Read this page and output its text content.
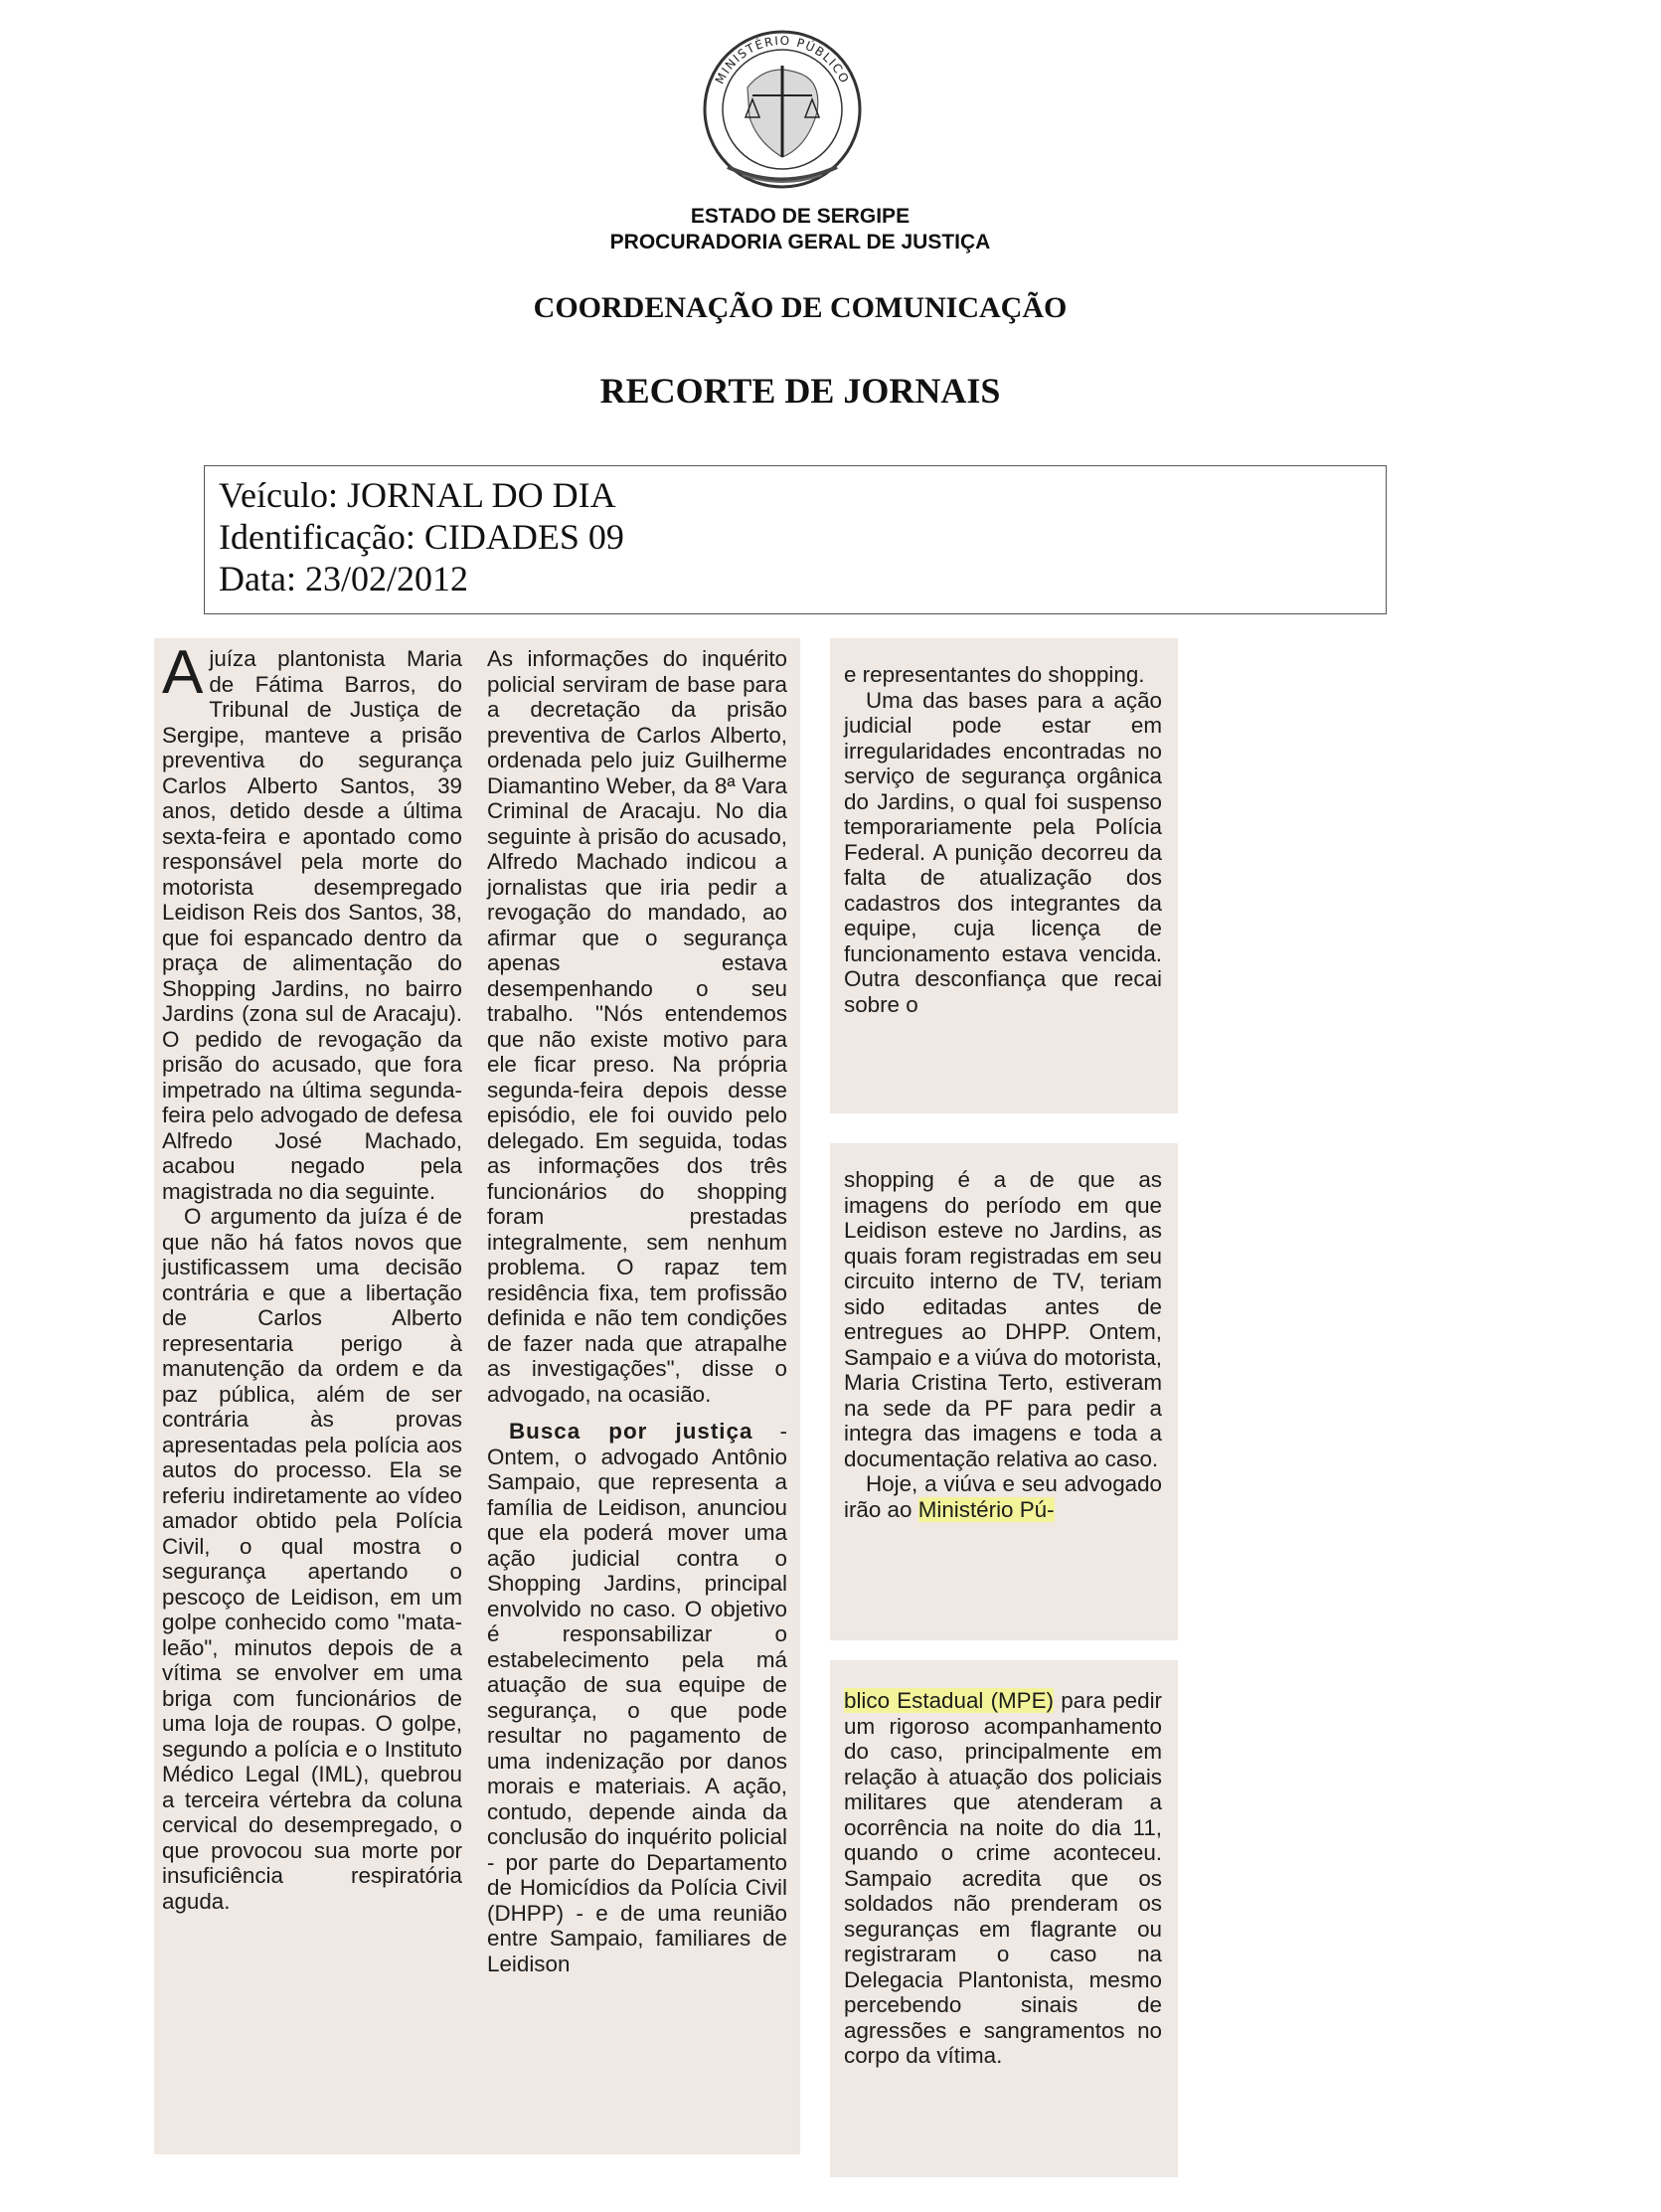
MINISTÉRIO PÚBLICO
ESTADO DE SERGIPE
PROCURADORIA GERAL DE JUSTIÇA
COORDENAÇÃO DE COMUNICAÇÃO
RECORTE DE JORNAIS
Veículo: JORNAL DO DIA
Identificação: CIDADES 09
Data: 23/02/2012

Ajuíza plantonista Maria de Fátima Barros, do Tribunal de Justiça de Sergipe, manteve a prisão preventiva do segurança Carlos Alberto Santos, 39 anos, detido desde a última sexta-feira e apontado como responsável pela morte do motorista desempregado Leidison Reis dos Santos, 38, que foi espancado dentro da praça de alimentação do Shopping Jardins, no bairro Jardins (zona sul de Aracaju). O pedido de revogação da prisão do acusado, que fora impetrado na última segunda-feira pelo advogado de defesa Alfredo José Machado, acabou negado pela magistrada no dia seguinte.

O argumento da juíza é de que não há fatos novos que justificassem uma decisão contrária e que a libertação de Carlos Alberto representaria perigo à manutenção da ordem e da paz pública, além de ser contrária às provas apresentadas pela polícia aos autos do processo. Ela se referiu indiretamente ao vídeo amador obtido pela Polícia Civil, o qual mostra o segurança apertando o pescoço de Leidison, em um golpe conhecido como "mata-leão", minutos depois de a vítima se envolver em uma briga com funcionários de uma loja de roupas. O golpe, segundo a polícia e o Instituto Médico Legal (IML), quebrou a terceira vértebra da coluna cervical do desempregado, o que provocou sua morte por insuficiência respiratória aguda.

As informações do inquérito policial serviram de base para a decretação da prisão preventiva de Carlos Alberto, ordenada pelo juiz Guilherme Diamantino Weber, da 8ª Vara Criminal de Aracaju. No dia seguinte à prisão do acusado, Alfredo Machado indicou a jornalistas que iria pedir a revogação do mandado, ao afirmar que o segurança apenas estava desempenhando o seu trabalho. "Nós entendemos que não existe motivo para ele ficar preso. Na própria segunda-feira depois desse episódio, ele foi ouvido pelo delegado. Em seguida, todas as informações dos três funcionários do shopping foram prestadas integralmente, sem nenhum problema. O rapaz tem residência fixa, tem profissão definida e não tem condições de fazer nada que atrapalhe as investigações", disse o advogado, na ocasião.

Busca por justiça - Ontem, o advogado Antônio Sampaio, que representa a família de Leidison, anunciou que ela poderá mover uma ação judicial contra o Shopping Jardins, principal envolvido no caso. O objetivo é responsabilizar o estabelecimento pela má atuação de sua equipe de segurança, o que pode resultar no pagamento de uma indenização por danos morais e materiais. A ação, contudo, depende ainda da conclusão do inquérito policial - por parte do Departamento de Homicídios da Polícia Civil (DHPP) - e de uma reunião entre Sampaio, familiares de Leidison

e representantes do shopping.

Uma das bases para a ação judicial pode estar em irregularidades encontradas no serviço de segurança orgânica do Jardins, o qual foi suspenso temporariamente pela Polícia Federal. A punição decorreu da falta de atualização dos cadastros dos integrantes da equipe, cuja licença de funcionamento estava vencida. Outra desconfiança que recai sobre o

shopping é a de que as imagens do período em que Leidison esteve no Jardins, as quais foram registradas em seu circuito interno de TV, teriam sido editadas antes de entregues ao DHPP. Ontem, Sampaio e a viúva do motorista, Maria Cristina Terto, estiveram na sede da PF para pedir a integra das imagens e toda a documentação relativa ao caso.

Hoje, a viúva e seu advogado irão ao Ministério Pú-

blico Estadual (MPE) para pedir um rigoroso acompanhamento do caso, principalmente em relação à atuação dos policiais militares que atenderam a ocorrência na noite do dia 11, quando o crime aconteceu. Sampaio acredita que os soldados não prenderam os seguranças em flagrante ou registraram o caso na Delegacia Plantonista, mesmo percebendo sinais de agressões e sangramentos no corpo da vítima.
